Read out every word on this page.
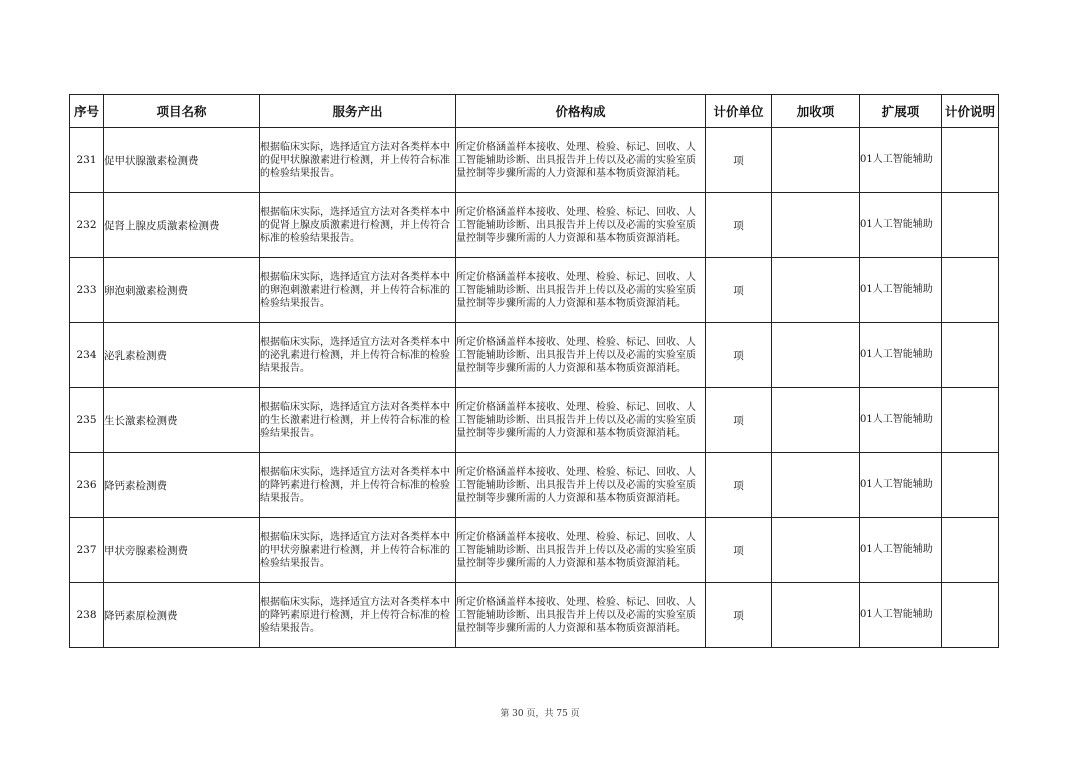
序号	项目名称	服务产出	价格构成	计价单位	加收项	扩展项	计价说明
231	促甲状腺激素检测费	根据临床实际，选择适宜方法对各类样本中的促甲状腺激素进行检测，并上传符合标准的检验结果报告。	所定价格涵盖样本接收、处理、检验、标记、回收、人工智能辅助诊断、出具报告并上传以及必需的实验室质量控制等步骤所需的人力资源和基本物质资源消耗。	项		01人工智能辅助	
232	促肾上腺皮质激素检测费	根据临床实际，选择适宜方法对各类样本中的促肾上腺皮质激素进行检测，并上传符合标准的检验结果报告。	所定价格涵盖样本接收、处理、检验、标记、回收、人工智能辅助诊断、出具报告并上传以及必需的实验室质量控制等步骤所需的人力资源和基本物质资源消耗。	项		01人工智能辅助	
233	卵泡刺激素检测费	根据临床实际，选择适宜方法对各类样本中的卵泡刺激素进行检测，并上传符合标准的检验结果报告。	所定价格涵盖样本接收、处理、检验、标记、回收、人工智能辅助诊断、出具报告并上传以及必需的实验室质量控制等步骤所需的人力资源和基本物质资源消耗。	项		01人工智能辅助	
234	泌乳素检测费	根据临床实际，选择适宜方法对各类样本中的泌乳素进行检测，并上传符合标准的检验结果报告。	所定价格涵盖样本接收、处理、检验、标记、回收、人工智能辅助诊断、出具报告并上传以及必需的实验室质量控制等步骤所需的人力资源和基本物质资源消耗。	项		01人工智能辅助	
235	生长激素检测费	根据临床实际，选择适宜方法对各类样本中的生长激素进行检测，并上传符合标准的检验结果报告。	所定价格涵盖样本接收、处理、检验、标记、回收、人工智能辅助诊断、出具报告并上传以及必需的实验室质量控制等步骤所需的人力资源和基本物质资源消耗。	项		01人工智能辅助	
236	降钙素检测费	根据临床实际，选择适宜方法对各类样本中的降钙素进行检测，并上传符合标准的检验结果报告。	所定价格涵盖样本接收、处理、检验、标记、回收、人工智能辅助诊断、出具报告并上传以及必需的实验室质量控制等步骤所需的人力资源和基本物质资源消耗。	项		01人工智能辅助	
237	甲状旁腺素检测费	根据临床实际，选择适宜方法对各类样本中的甲状旁腺素进行检测，并上传符合标准的检验结果报告。	所定价格涵盖样本接收、处理、检验、标记、回收、人工智能辅助诊断、出具报告并上传以及必需的实验室质量控制等步骤所需的人力资源和基本物质资源消耗。	项		01人工智能辅助	
238	降钙素原检测费	根据临床实际，选择适宜方法对各类样本中的降钙素原进行检测，并上传符合标准的检验结果报告。	所定价格涵盖样本接收、处理、检验、标记、回收、人工智能辅助诊断、出具报告并上传以及必需的实验室质量控制等步骤所需的人力资源和基本物质资源消耗。	项		01人工智能辅助	
第 30 页，共 75 页
